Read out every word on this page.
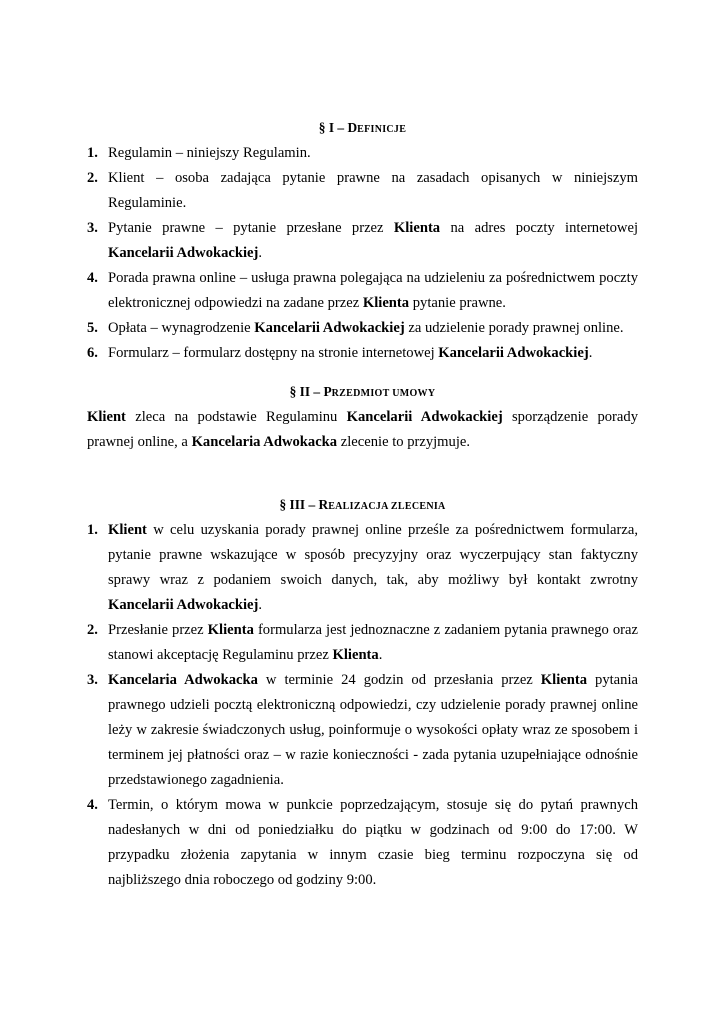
§ I – DEFINICJE
1. Regulamin – niniejszy Regulamin.
2. Klient – osoba zadająca pytanie prawne na zasadach opisanych w niniejszym Regulaminie.
3. Pytanie prawne – pytanie przesłane przez Klienta na adres poczty internetowej Kancelarii Adwokackiej.
4. Porada prawna online – usługa prawna polegająca na udzieleniu za pośrednictwem poczty elektronicznej odpowiedzi na zadane przez Klienta pytanie prawne.
5. Opłata – wynagrodzenie Kancelarii Adwokackiej za udzielenie porady prawnej online.
6. Formularz – formularz dostępny na stronie internetowej Kancelarii Adwokackiej.
§ II – PRZEDMIOT UMOWY

Klient zleca na podstawie Regulaminu Kancelarii Adwokackiej sporządzenie porady prawnej online, a Kancelaria Adwokacka zlecenie to przyjmuje.

§ III – REALIZACJA ZLECENIA
1. Klient w celu uzyskania porady prawnej online prześle za pośrednictwem formularza, pytanie prawne wskazujące w sposób precyzyjny oraz wyczerpujący stan faktyczny sprawy wraz z podaniem swoich danych, tak, aby możliwy był kontakt zwrotny Kancelarii Adwokackiej.
2. Przesłanie przez Klienta formularza jest jednoznaczne z zadaniem pytania prawnego oraz stanowi akceptację Regulaminu przez Klienta.
3. Kancelaria Adwokacka w terminie 24 godzin od przesłania przez Klienta pytania prawnego udzieli pocztą elektroniczną odpowiedzi, czy udzielenie porady prawnej online leży w zakresie świadczonych usług, poinformuje o wysokości opłaty wraz ze sposobem i terminem jej płatności oraz – w razie konieczności - zada pytania uzupełniające odnośnie przedstawionego zagadnienia.
4. Termin, o którym mowa w punkcie poprzedzającym, stosuje się do pytań prawnych nadesłanych w dni od poniedziałku do piątku w godzinach od 9:00 do 17:00. W przypadku złożenia zapytania w innym czasie bieg terminu rozpoczyna się od najbliższego dnia roboczego od godziny 9:00.
